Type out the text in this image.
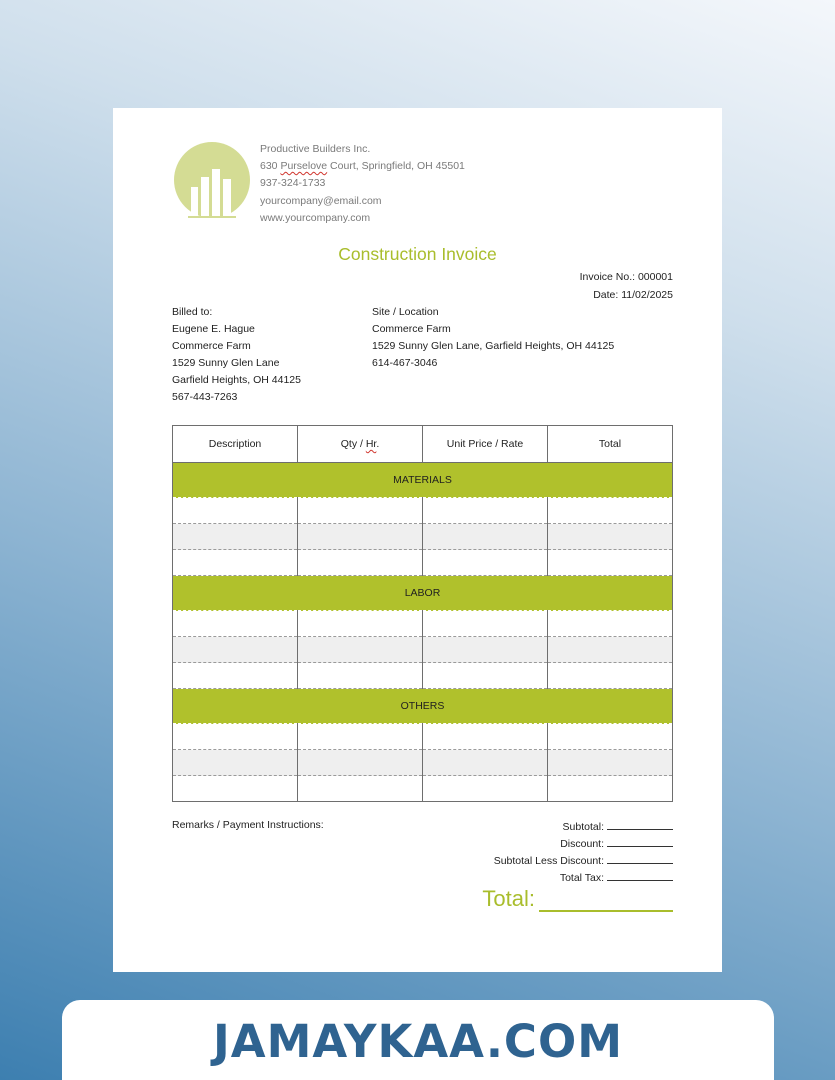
Productive Builders Inc.
630 Purselove Court, Springfield, OH 45501
937-324-1733
yourcompany@email.com
www.yourcompany.com
Construction Invoice
Invoice No.: 000001
Date: 11/02/2025
Billed to:
Eugene E. Hague
Commerce Farm
1529 Sunny Glen Lane
Garfield Heights, OH 44125
567-443-7263
Site / Location
Commerce Farm
1529 Sunny Glen Lane, Garfield Heights, OH 44125
614-467-3046
Description	Qty / Hr.	Unit Price / Rate	Total
MATERIALS			

LABOR			

OTHERS			

Remarks / Payment Instructions:	Subtotal:
Discount:
Subtotal Less Discount:
Total Tax:
Total:
JAMAYKAA.COM
